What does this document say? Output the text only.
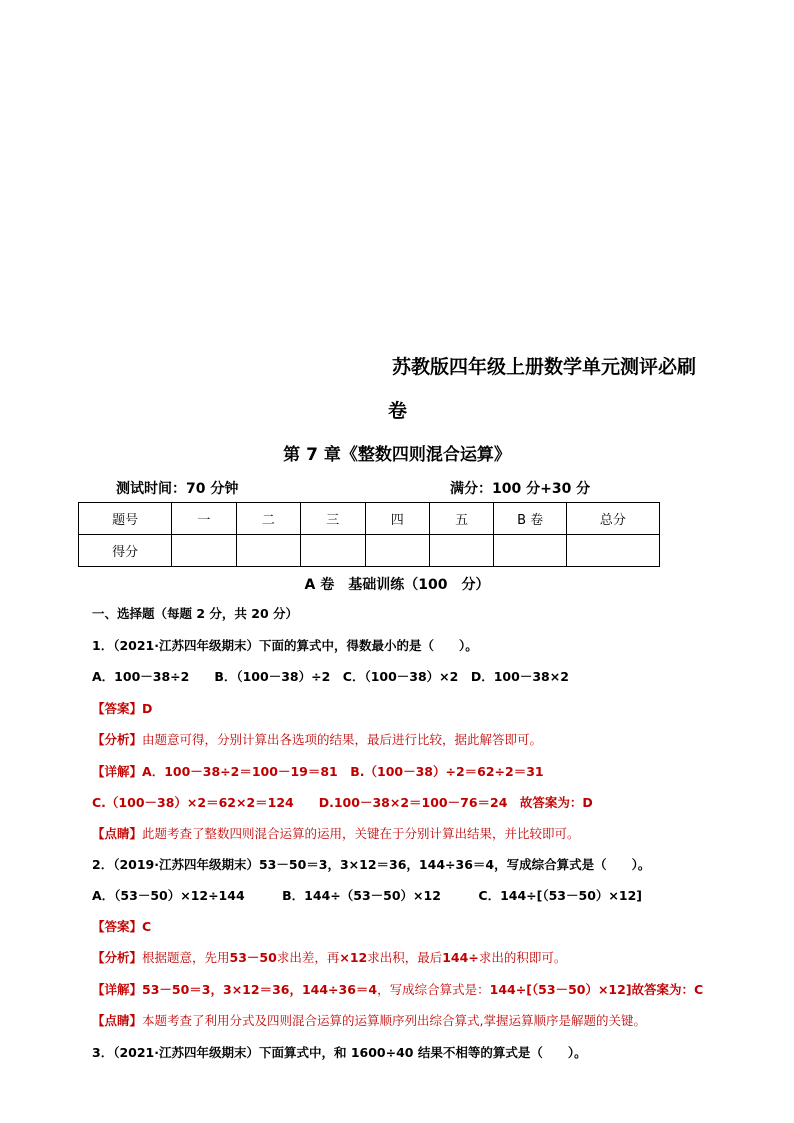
苏教版四年级上册数学单元测评必刷
卷
第 7 章《整数四则混合运算》
测试时间：70 分钟	满分：100 分+30 分
题号	一	二	三	四	五	B 卷	总分
得分							
A 卷　基础训练（100　分）
一、选择题（每题 2 分，共 20 分）
1．（2021·江苏四年级期末）下面的算式中，得数最小的是（　　）。
A．100－38÷2　　B．（100－38）÷2　C．（100－38）×2　D．100－38×2
【答案】D
【分析】由题意可得，分别计算出各选项的结果，最后进行比较，据此解答即可。
【详解】A．100－38÷2＝100－19＝81　B.（100－38）÷2＝62÷2＝31
C.（100－38）×2＝62×2＝124　　D.100－38×2＝100－76＝24　故答案为：D
【点睛】此题考查了整数四则混合运算的运用，关键在于分别计算出结果，并比较即可。
2．（2019·江苏四年级期末）53－50＝3，3×12＝36，144÷36＝4，写成综合算式是（　　）。
A．（53－50）×12÷144　　　B．144÷（53－50）×12　　　C．144÷[（53－50）×12]
【答案】C
【分析】根据题意，先用53－50求出差，再×12求出积，最后144÷求出的积即可。
【详解】53－50＝3，3×12＝36，144÷36＝4，写成综合算式是：144÷[（53－50）×12]故答案为：C
【点睛】本题考查了利用分式及四则混合运算的运算顺序列出综合算式,掌握运算顺序是解题的关键。
3．（2021·江苏四年级期末）下面算式中，和 1600÷40 结果不相等的算式是（　　）。
